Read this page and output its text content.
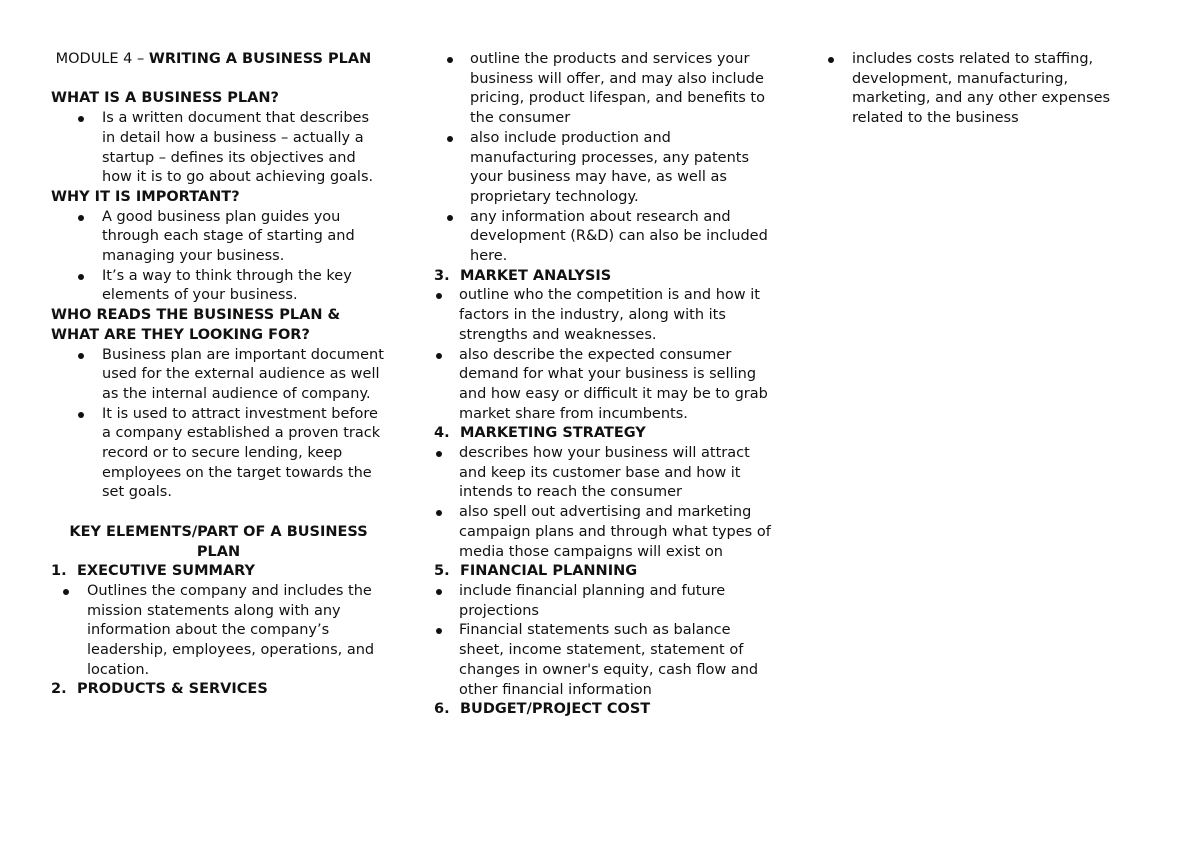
MODULE 4 – WRITING A BUSINESS PLAN
WHAT IS A BUSINESS PLAN?
Is a written document that describes in detail how a business – actually a startup – defines its objectives and how it is to go about achieving goals.
WHY IT IS IMPORTANT?
A good business plan guides you through each stage of starting and managing your business.
It’s a way to think through the key elements of your business.
WHO READS THE BUSINESS PLAN & WHAT ARE THEY LOOKING FOR?
Business plan are important document used for the external audience as well as the internal audience of company.
It is used to attract investment before a company established a proven track record or to secure lending, keep employees on the target towards the set goals.
KEY ELEMENTS/PART OF A BUSINESS PLAN
1. EXECUTIVE SUMMARY
Outlines the company and includes the mission statements along with any information about the company’s leadership, employees, operations, and location.
2. PRODUCTS & SERVICES
outline the products and services your business will offer, and may also include pricing, product lifespan, and benefits to the consumer
also include production and manufacturing processes, any patents your business may have, as well as proprietary technology.
any information about research and development (R&D) can also be included here.
3. MARKET ANALYSIS
outline who the competition is and how it factors in the industry, along with its strengths and weaknesses.
also describe the expected consumer demand for what your business is selling and how easy or difficult it may be to grab market share from incumbents.
4. MARKETING STRATEGY
describes how your business will attract and keep its customer base and how it intends to reach the consumer
also spell out advertising and marketing campaign plans and through what types of media those campaigns will exist on
5. FINANCIAL PLANNING
include financial planning and future projections
Financial statements such as balance sheet, income statement, statement of changes in owner's equity, cash flow and other financial information
6. BUDGET/PROJECT COST
includes costs related to staffing, development, manufacturing, marketing, and any other expenses related to the business
